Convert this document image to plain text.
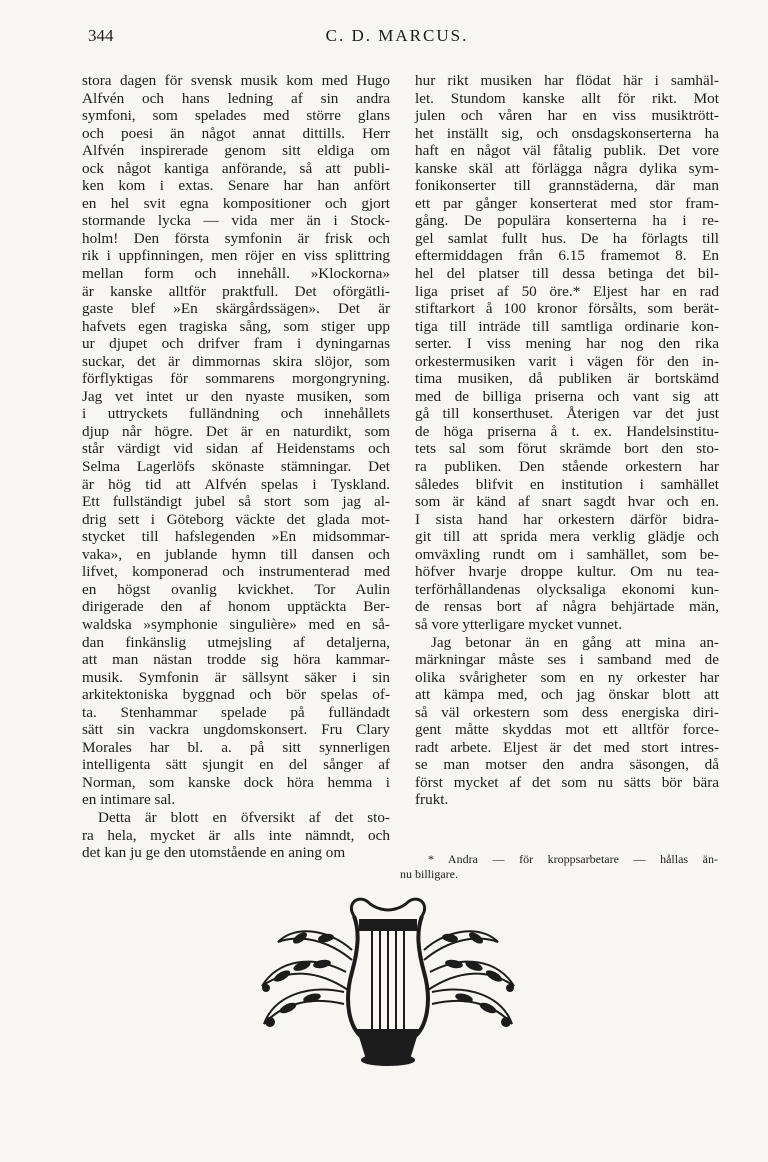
344	C. D. MARCUS.
stora dagen för svensk musik kom med Hugo
Alfvén och hans ledning af sin andra
symfoni, som spelades med större glans
och poesi än något annat dittills. Herr
Alfvén inspirerade genom sitt eldiga om
ock något kantiga anförande, så att publi-
ken kom i extas. Senare har han anfört
en hel svit egna kompositioner och gjort
stormande lycka — vida mer än i Stock-
holm! Den första symfonin är frisk och
rik i uppfinningen, men röjer en viss splittring
mellan form och innehåll. »Klockorna»
är kanske alltför praktfull. Det oförgätli-
gaste blef »En skärgårdssägen». Det är
hafvets egen tragiska sång, som stiger upp
ur djupet och drifver fram i dyningarnas
suckar, det är dimmornas skira slöjor, som
förflyktigas för sommarens morgongryning.
Jag vet intet ur den nyaste musiken, som
i uttryckets fulländning och innehållets
djup når högre. Det är en naturdikt, som
står värdigt vid sidan af Heidenstams och
Selma Lagerlöfs skönaste stämningar. Det
är hög tid att Alfvén spelas i Tyskland.
Ett fullständigt jubel så stort som jag al-
drig sett i Göteborg väckte det glada mot-
stycket till hafslegenden »En midsommar-
vaka», en jublande hymn till dansen och
lifvet, komponerad och instrumenterad med
en högst ovanlig kvickhet. Tor Aulin
dirigerade den af honom upptäckta Ber-
waldska »symphonie singulière» med en så-
dan finkänslig utmejsling af detaljerna,
att man nästan trodde sig höra kammar-
musik. Symfonin är sällsynt säker i sin
arkitektoniska byggnad och bör spelas of-
ta. Stenhammar spelade på fulländadt
sätt sin vackra ungdomskonsert. Fru Clary
Morales har bl. a. på sitt synnerligen
intelligenta sätt sjungit en del sånger af
Norman, som kanske dock höra hemma i
en intimare sal.
Detta är blott en öfversikt af det sto-
ra hela, mycket är alls inte nämndt, och
det kan ju ge den utomstående en aning om
hur rikt musiken har flödat här i samhäl-
let. Stundom kanske allt för rikt. Mot
julen och våren har en viss musiktrött-
het inställt sig, och onsdagskonserterna ha
haft en något väl fåtalig publik. Det vore
kanske skäl att förlägga några dylika sym-
fonikonserter till grannstäderna, där man
ett par gånger konserterat med stor fram-
gång. De populära konserterna ha i re-
gel samlat fullt hus. De ha förlagts till
eftermiddagen från 6.15 framemot 8. En
hel del platser till dessa betinga det bil-
liga priset af 50 öre.* Eljest har en rad
stiftarkort å 100 kronor försålts, som berät-
tiga till inträde till samtliga ordinarie kon-
serter. I viss mening har nog den rika
orkestermusiken varit i vägen för den in-
tima musiken, då publiken är bortskämd
med de billiga priserna och vant sig att
gå till konserthuset. Återigen var det just
de höga priserna å t. ex. Handelsinstitu-
tets sal som förut skrämde bort den sto-
ra publiken. Den stående orkestern har
således blifvit en institution i samhället
som är känd af snart sagdt hvar och en.
I sista hand har orkestern därför bidra-
git till att sprida mera verklig glädje och
omväxling rundt om i samhället, som be-
höfver hvarje droppe kultur. Om nu tea-
terförhållandenas olycksaliga ekonomi kun-
de rensas bort af några behjärtade män,
så vore ytterligare mycket vunnet.
Jag betonar än en gång att mina an-
märkningar måste ses i samband med de
olika svårigheter som en ny orkester har
att kämpa med, och jag önskar blott att
så väl orkestern som dess energiska diri-
gent måtte skyddas mot ett alltför force-
radt arbete. Eljest är det med stort intres-
se man motser den andra säsongen, då
först mycket af det som nu sätts bör bära
frukt.
* Andra — för kroppsarbetare — hållas än-
nu billigare.
